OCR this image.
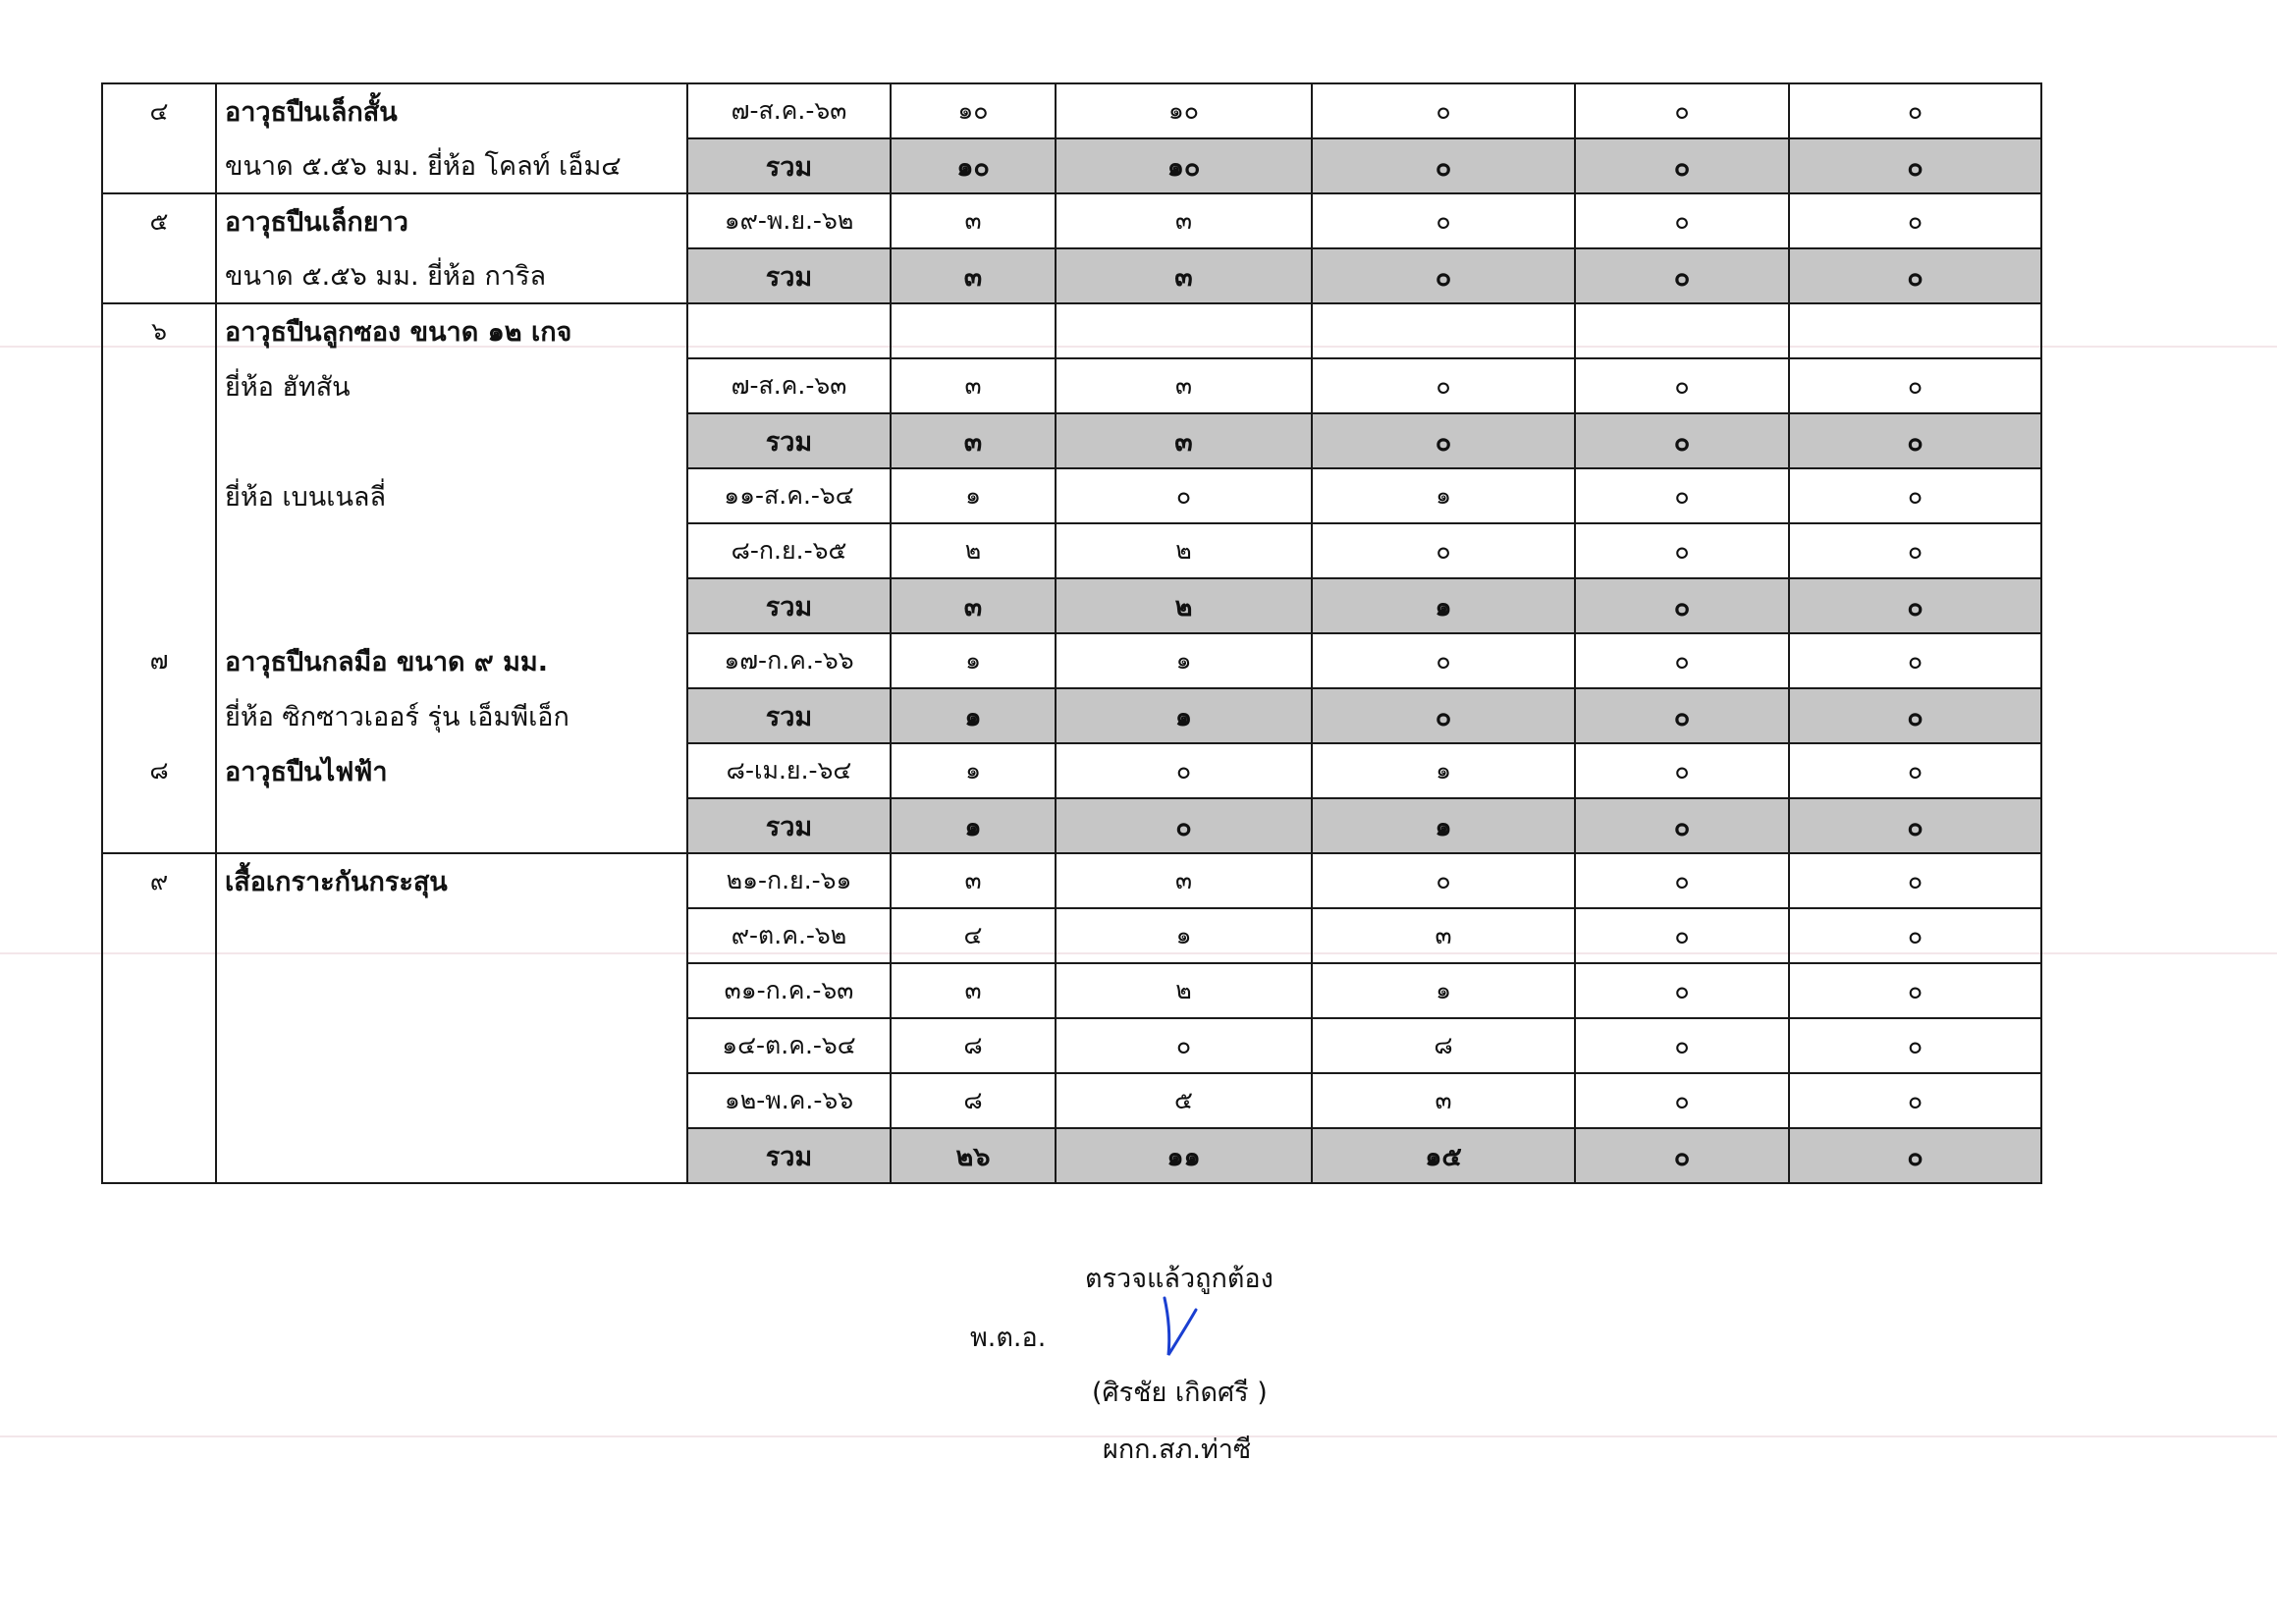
๔	อาวุธปืนเล็กสั้น	๗-ส.ค.-๖๓	๑๐	๑๐	๐	๐	๐
	ขนาด ๕.๕๖ มม. ยี่ห้อ โคลท์ เอ็ม๔	รวม	๑๐	๑๐	๐	๐	๐
๕	อาวุธปืนเล็กยาว	๑๙-พ.ย.-๖๒	๓	๓	๐	๐	๐
	ขนาด ๕.๕๖ มม. ยี่ห้อ การิล	รวม	๓	๓	๐	๐	๐
๖	อาวุธปืนลูกซอง ขนาด ๑๒ เกจ						
	ยี่ห้อ ฮัทสัน	๗-ส.ค.-๖๓	๓	๓	๐	๐	๐
		รวม	๓	๓	๐	๐	๐
	ยี่ห้อ เบนเนลลี่	๑๑-ส.ค.-๖๔	๑	๐	๑	๐	๐
		๘-ก.ย.-๖๕	๒	๒	๐	๐	๐
		รวม	๓	๒	๑	๐	๐
๗	อาวุธปืนกลมือ ขนาด ๙ มม.	๑๗-ก.ค.-๖๖	๑	๑	๐	๐	๐
	ยี่ห้อ ซิกซาวเออร์ รุ่น เอ็มพีเอ็ก	รวม	๑	๑	๐	๐	๐
๘	อาวุธปืนไฟฟ้า	๘-เม.ย.-๖๔	๑	๐	๑	๐	๐
		รวม	๑	๐	๑	๐	๐
๙	เสื้อเกราะกันกระสุน	๒๑-ก.ย.-๖๑	๓	๓	๐	๐	๐
		๙-ต.ค.-๖๒	๔	๑	๓	๐	๐
		๓๑-ก.ค.-๖๓	๓	๒	๑	๐	๐
		๑๔-ต.ค.-๖๔	๘	๐	๘	๐	๐
		๑๒-พ.ค.-๖๖	๘	๕	๓	๐	๐
		รวม	๒๖	๑๑	๑๕	๐	๐
ตรวจแล้วถูกต้อง
พ.ต.อ.
(ศิรชัย เกิดศรี )
ผกก.สภ.ท่าซี
